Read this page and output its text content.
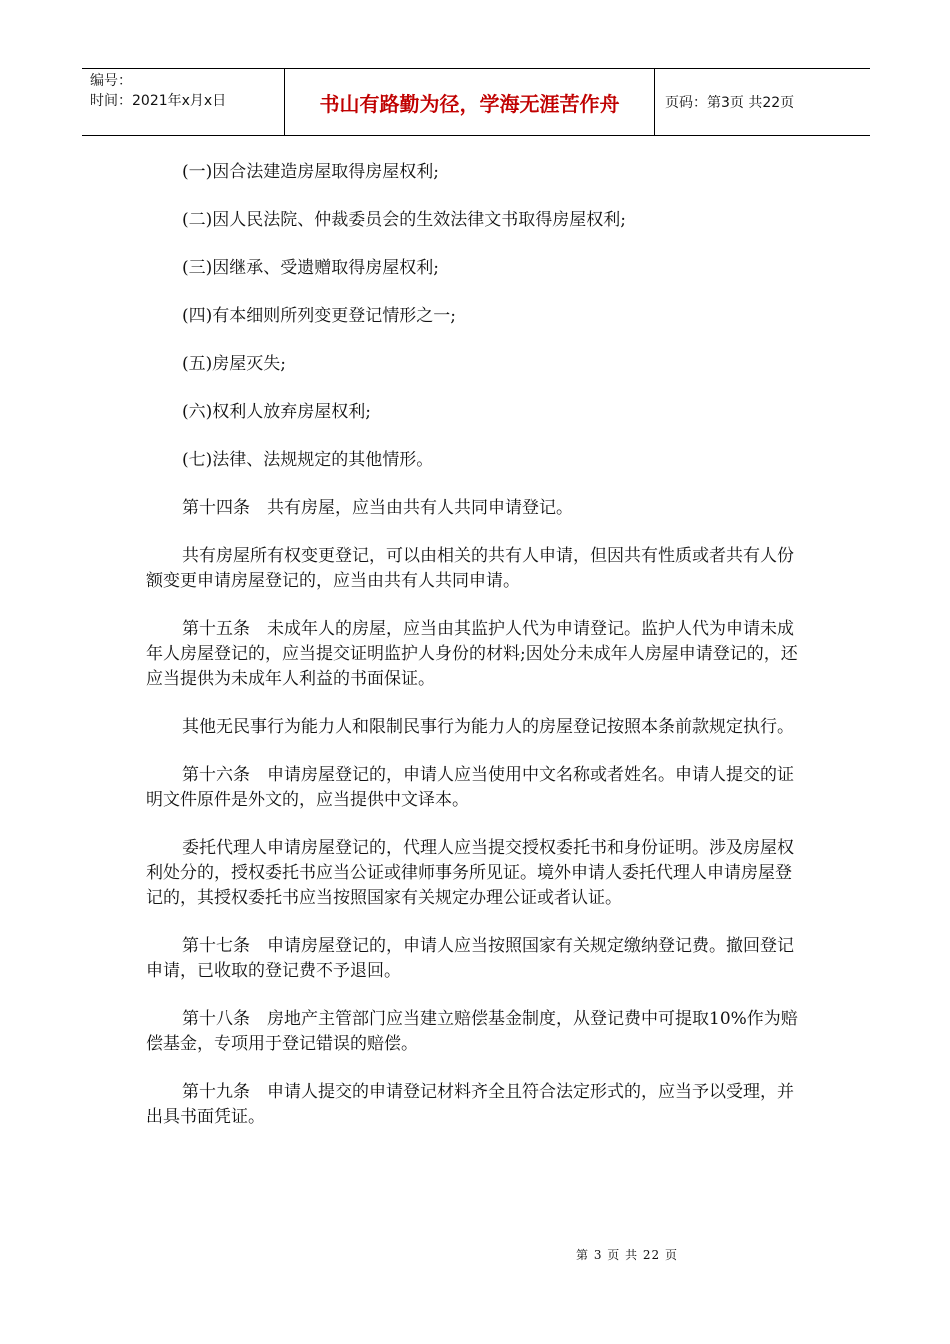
编号：
时间：2021年x月x日	书山有路勤为径，学海无涯苦作舟	页码：第3页 共22页

(一)因合法建造房屋取得房屋权利;

(二)因人民法院、仲裁委员会的生效法律文书取得房屋权利;

(三)因继承、受遗赠取得房屋权利;

(四)有本细则所列变更登记情形之一;

(五)房屋灭失;

(六)权利人放弃房屋权利;

(七)法律、法规规定的其他情形。

第十四条　共有房屋，应当由共有人共同申请登记。

共有房屋所有权变更登记，可以由相关的共有人申请，但因共有性质或者共有人份额变更申请房屋登记的，应当由共有人共同申请。

第十五条　未成年人的房屋，应当由其监护人代为申请登记。监护人代为申请未成年人房屋登记的，应当提交证明监护人身份的材料;因处分未成年人房屋申请登记的，还应当提供为未成年人利益的书面保证。

其他无民事行为能力人和限制民事行为能力人的房屋登记按照本条前款规定执行。

第十六条　申请房屋登记的，申请人应当使用中文名称或者姓名。申请人提交的证明文件原件是外文的，应当提供中文译本。

委托代理人申请房屋登记的，代理人应当提交授权委托书和身份证明。涉及房屋权利处分的，授权委托书应当公证或律师事务所见证。境外申请人委托代理人申请房屋登记的，其授权委托书应当按照国家有关规定办理公证或者认证。

第十七条　申请房屋登记的，申请人应当按照国家有关规定缴纳登记费。撤回登记申请，已收取的登记费不予退回。

第十八条　房地产主管部门应当建立赔偿基金制度，从登记费中可提取10%作为赔偿基金，专项用于登记错误的赔偿。

第十九条　申请人提交的申请登记材料齐全且符合法定形式的，应当予以受理，并出具书面凭证。

第 3 页 共 22 页
